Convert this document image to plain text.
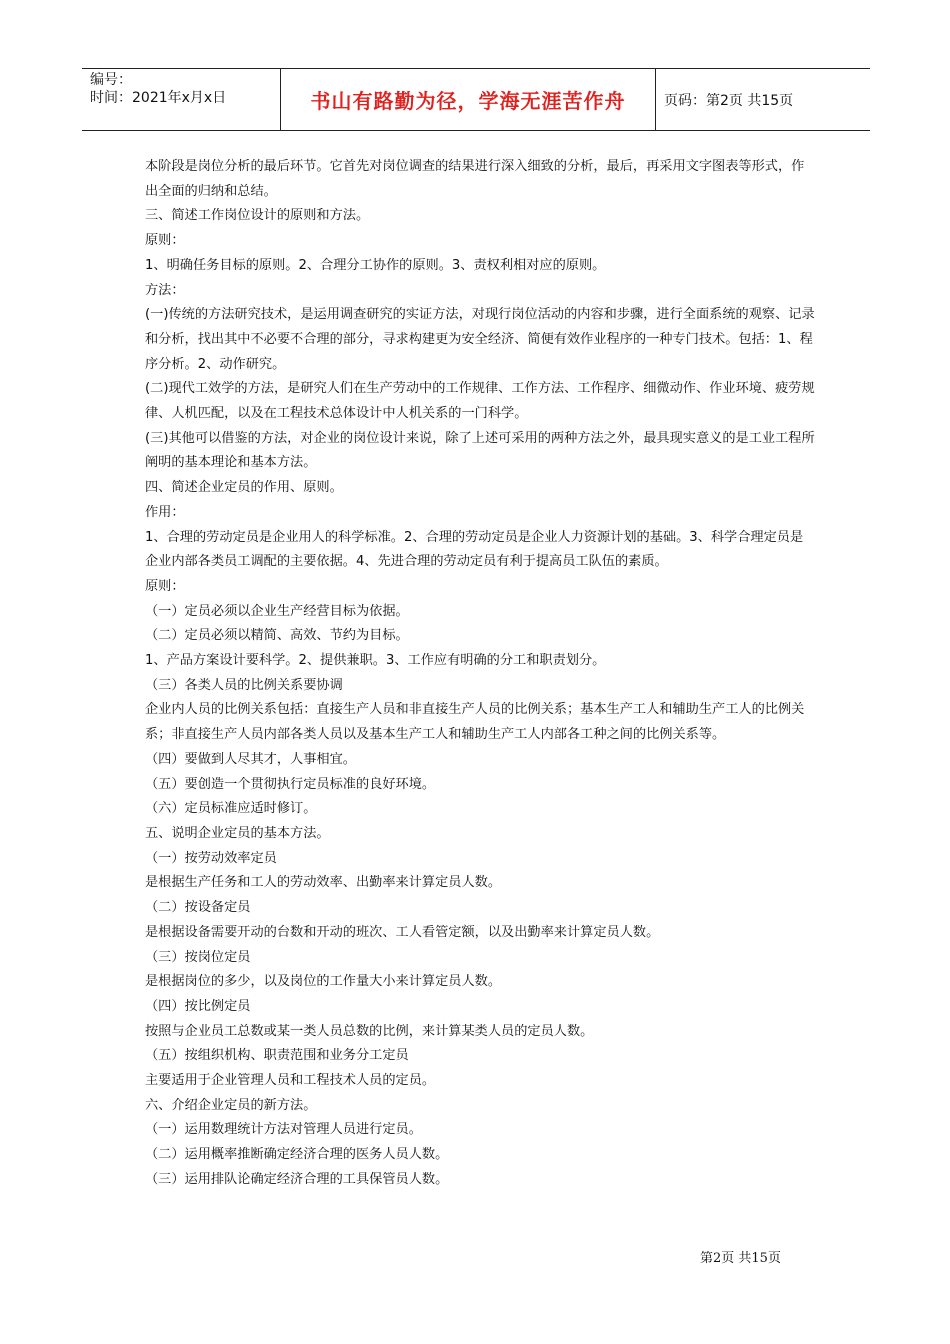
编号：
时间：2021年x月x日	书山有路勤为径，学海无涯苦作舟	页码：第2页 共15页

本阶段是岗位分析的最后环节。它首先对岗位调查的结果进行深入细致的分析，最后，再采用文字图表等形式，作出全面的归纳和总结。

三、简述工作岗位设计的原则和方法。

原则：

1、明确任务目标的原则。2、合理分工协作的原则。3、责权利相对应的原则。

方法：

(一)传统的方法研究技术，是运用调查研究的实证方法，对现行岗位活动的内容和步骤，进行全面系统的观察、记录和分析，找出其中不必要不合理的部分，寻求构建更为安全经济、简便有效作业程序的一种专门技术。包括：1、程序分析。2、动作研究。

(二)现代工效学的方法，是研究人们在生产劳动中的工作规律、工作方法、工作程序、细微动作、作业环境、疲劳规律、人机匹配，以及在工程技术总体设计中人机关系的一门科学。

(三)其他可以借鉴的方法，对企业的岗位设计来说，除了上述可采用的两种方法之外，最具现实意义的是工业工程所阐明的基本理论和基本方法。

四、简述企业定员的作用、原则。

作用：

1、合理的劳动定员是企业用人的科学标准。2、合理的劳动定员是企业人力资源计划的基础。3、科学合理定员是企业内部各类员工调配的主要依据。4、先进合理的劳动定员有利于提高员工队伍的素质。

原则：

（一）定员必须以企业生产经营目标为依据。

（二）定员必须以精简、高效、节约为目标。

1、产品方案设计要科学。2、提供兼职。3、工作应有明确的分工和职责划分。

（三）各类人员的比例关系要协调

企业内人员的比例关系包括：直接生产人员和非直接生产人员的比例关系；基本生产工人和辅助生产工人的比例关系；非直接生产人员内部各类人员以及基本生产工人和辅助生产工人内部各工种之间的比例关系等。

（四）要做到人尽其才，人事相宜。

（五）要创造一个贯彻执行定员标准的良好环境。

（六）定员标准应适时修订。

五、说明企业定员的基本方法。

（一）按劳动效率定员

是根据生产任务和工人的劳动效率、出勤率来计算定员人数。

（二）按设备定员

是根据设备需要开动的台数和开动的班次、工人看管定额，以及出勤率来计算定员人数。

（三）按岗位定员

是根据岗位的多少，以及岗位的工作量大小来计算定员人数。

（四）按比例定员

按照与企业员工总数或某一类人员总数的比例，来计算某类人员的定员人数。

（五）按组织机构、职责范围和业务分工定员

主要适用于企业管理人员和工程技术人员的定员。

六、介绍企业定员的新方法。

（一）运用数理统计方法对管理人员进行定员。

（二）运用概率推断确定经济合理的医务人员人数。

（三）运用排队论确定经济合理的工具保管员人数。

第2页 共15页
